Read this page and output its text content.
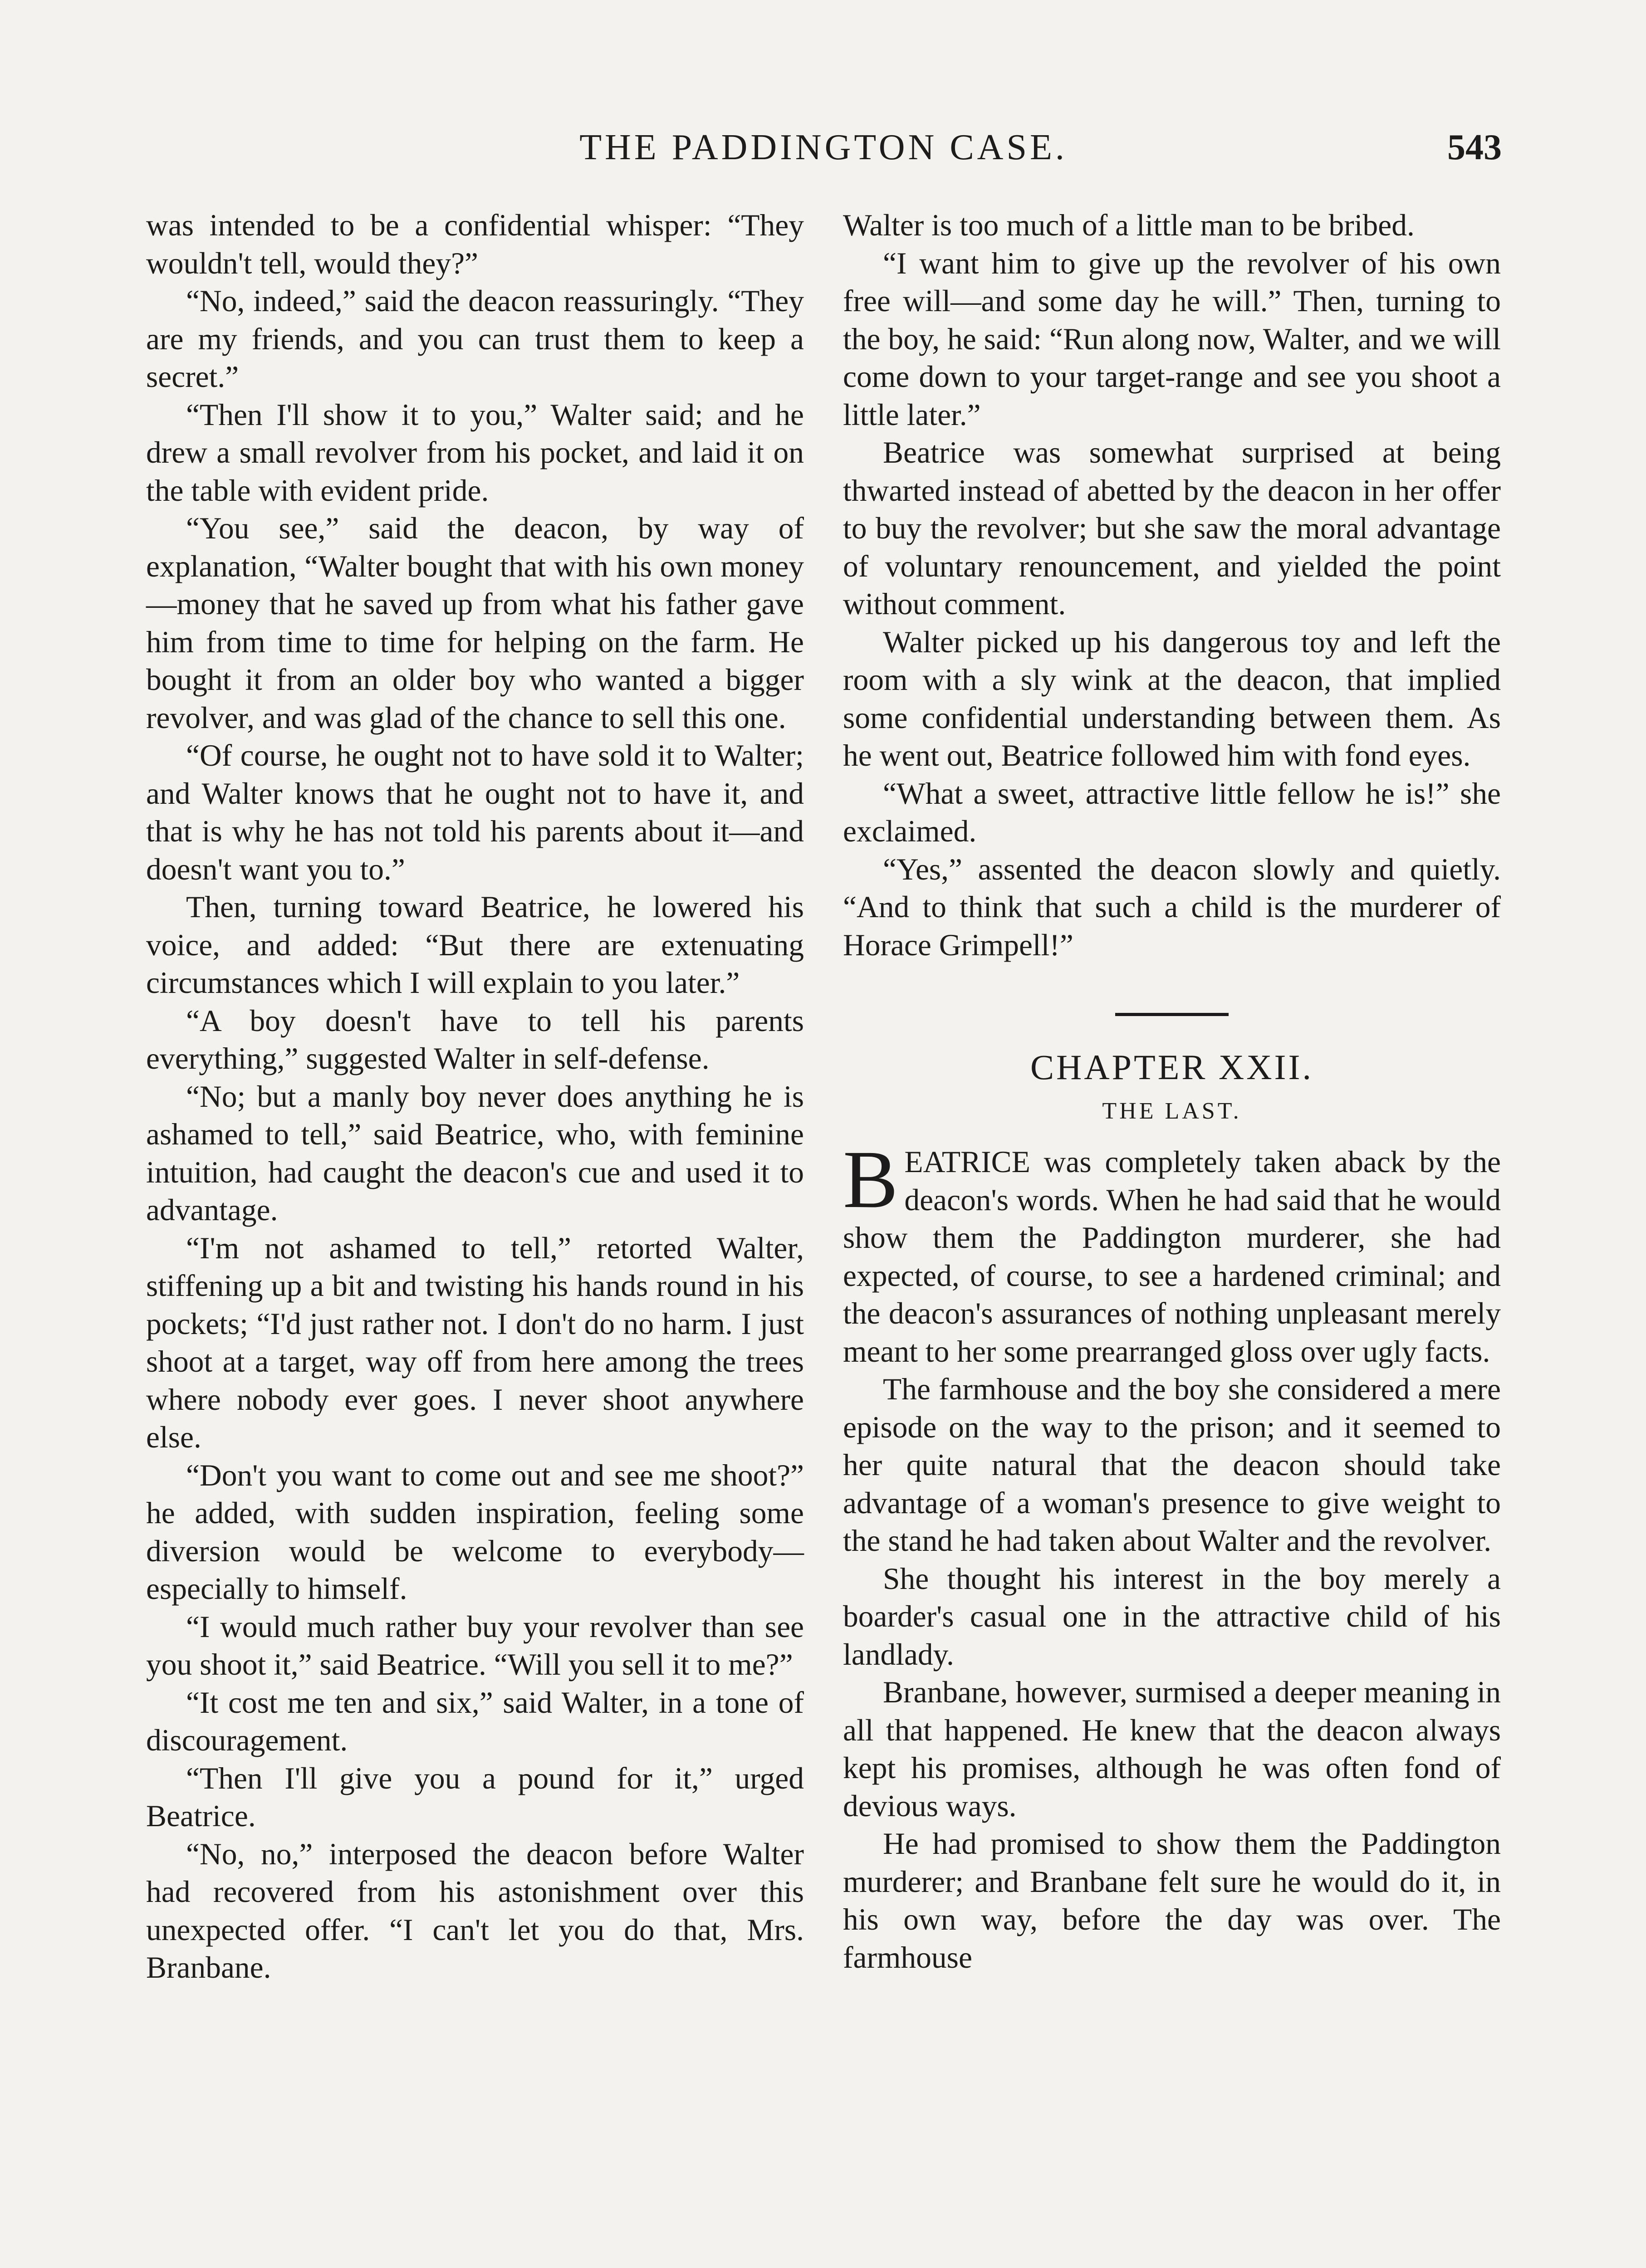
THE PADDINGTON CASE.	543

was intended to be a confidential whisper: “They wouldn't tell, would they?”

“No, indeed,” said the deacon reassuringly. “They are my friends, and you can trust them to keep a secret.”

“Then I'll show it to you,” Walter said; and he drew a small revolver from his pocket, and laid it on the table with evident pride.

“You see,” said the deacon, by way of explanation, “Walter bought that with his own money—money that he saved up from what his father gave him from time to time for helping on the farm. He bought it from an older boy who wanted a bigger revolver, and was glad of the chance to sell this one.

“Of course, he ought not to have sold it to Walter; and Walter knows that he ought not to have it, and that is why he has not told his parents about it—and doesn't want you to.”

Then, turning toward Beatrice, he lowered his voice, and added: “But there are extenuating circumstances which I will explain to you later.”

“A boy doesn't have to tell his parents everything,” suggested Walter in self-defense.

“No; but a manly boy never does anything he is ashamed to tell,” said Beatrice, who, with feminine intuition, had caught the deacon's cue and used it to advantage.

“I'm not ashamed to tell,” retorted Walter, stiffening up a bit and twisting his hands round in his pockets; “I'd just rather not. I don't do no harm. I just shoot at a target, way off from here among the trees where nobody ever goes. I never shoot anywhere else.

“Don't you want to come out and see me shoot?” he added, with sudden inspiration, feeling some diversion would be welcome to everybody—especially to himself.

“I would much rather buy your revolver than see you shoot it,” said Beatrice. “Will you sell it to me?”

“It cost me ten and six,” said Walter, in a tone of discouragement.

“Then I'll give you a pound for it,” urged Beatrice.

“No, no,” interposed the deacon before Walter had recovered from his astonishment over this unexpected offer. “I can't let you do that, Mrs. Branbane.

Walter is too much of a little man to be bribed.

“I want him to give up the revolver of his own free will—and some day he will.” Then, turning to the boy, he said: “Run along now, Walter, and we will come down to your target-range and see you shoot a little later.”

Beatrice was somewhat surprised at being thwarted instead of abetted by the deacon in her offer to buy the revolver; but she saw the moral advantage of voluntary renouncement, and yielded the point without comment.

Walter picked up his dangerous toy and left the room with a sly wink at the deacon, that implied some confidential understanding between them. As he went out, Beatrice followed him with fond eyes.

“What a sweet, attractive little fellow he is!” she exclaimed.

“Yes,” assented the deacon slowly and quietly. “And to think that such a child is the murderer of Horace Grimpell!”

CHAPTER XXII.
THE LAST.

BEATRICE was completely taken aback by the deacon's words. When he had said that he would show them the Paddington murderer, she had expected, of course, to see a hardened criminal; and the deacon's assurances of nothing unpleasant merely meant to her some prearranged gloss over ugly facts.

The farmhouse and the boy she considered a mere episode on the way to the prison; and it seemed to her quite natural that the deacon should take advantage of a woman's presence to give weight to the stand he had taken about Walter and the revolver.

She thought his interest in the boy merely a boarder's casual one in the attractive child of his landlady.

Branbane, however, surmised a deeper meaning in all that happened. He knew that the deacon always kept his promises, although he was often fond of devious ways.

He had promised to show them the Paddington murderer; and Branbane felt sure he would do it, in his own way, before the day was over. The farmhouse
